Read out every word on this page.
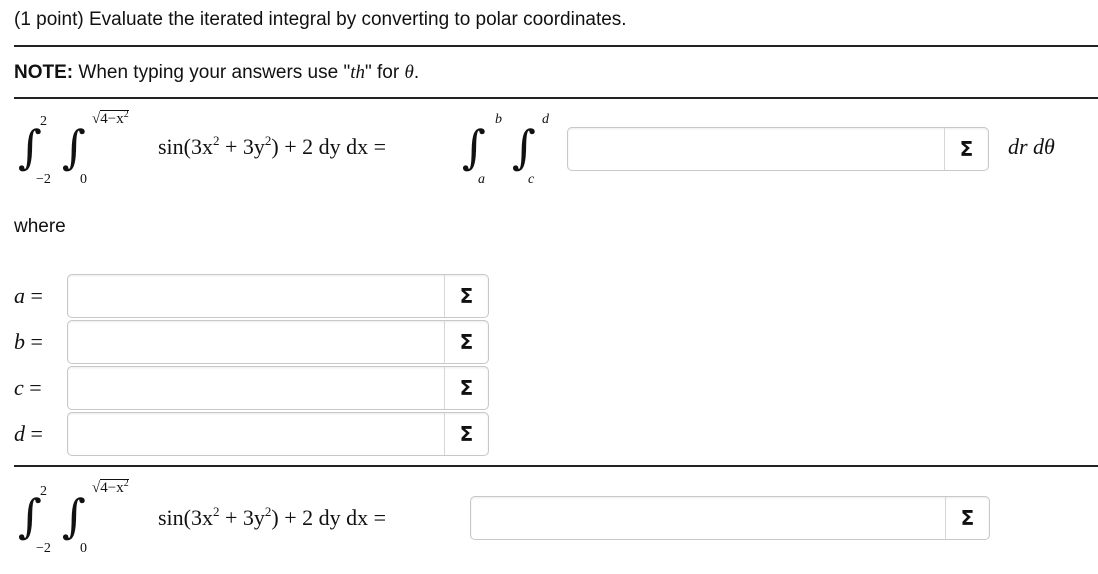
(1 point) Evaluate the iterated integral by converting to polar coordinates.
NOTE: When typing your answers use "th" for θ.
∫
2
−2
∫
$√4-x^2$
0
$\sin(3x^2 + 3y^2) + 2$ dy dx = ∫
b
a
∫
d
c
Σ dr dθ
where
a =	Σ
b =	Σ
c =	Σ
d =	Σ
∫
2
−2
∫
$√4-x^2$
0
$\sin(3x^2 + 3y^2) + 2$ dy dx =	Σ
